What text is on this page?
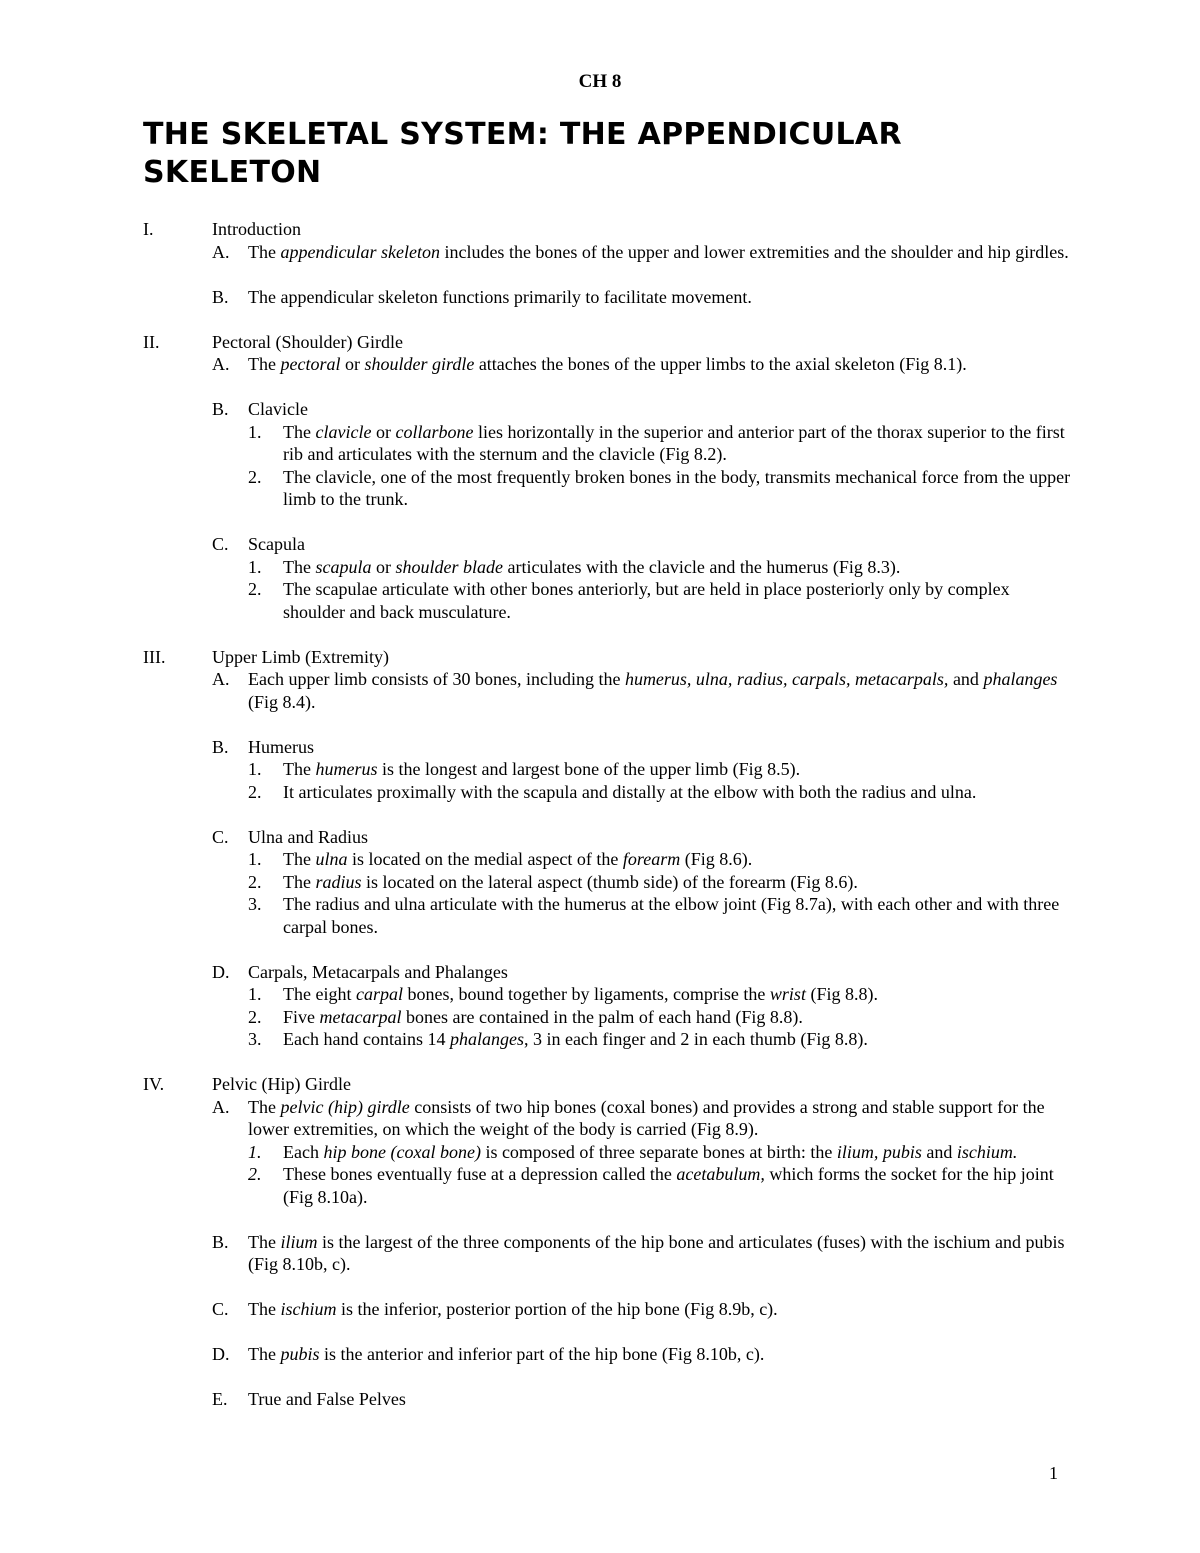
CH 8
THE SKELETAL SYSTEM: THE APPENDICULAR SKELETON
I.	Introduction
A.	The appendicular skeleton includes the bones of the upper and lower extremities and the shoulder and hip girdles.
B.	The appendicular skeleton functions primarily to facilitate movement.
II.	Pectoral (Shoulder) Girdle
A.	The pectoral or shoulder girdle attaches the bones of the upper limbs to the axial skeleton (Fig 8.1).
B.	Clavicle
1.	The clavicle or collarbone lies horizontally in the superior and anterior part of the thorax superior to the first rib and articulates with the sternum and the clavicle (Fig 8.2).
2.	The clavicle, one of the most frequently broken bones in the body, transmits mechanical force from the upper limb to the trunk.
C.	Scapula
1.	The scapula or shoulder blade articulates with the clavicle and the humerus (Fig 8.3).
2.	The scapulae articulate with other bones anteriorly, but are held in place posteriorly only by complex shoulder and back musculature.
III.	Upper Limb (Extremity)
A.	Each upper limb consists of 30 bones, including the humerus, ulna, radius, carpals, metacarpals, and phalanges (Fig 8.4).
B.	Humerus
1.	The humerus is the longest and largest bone of the upper limb (Fig 8.5).
2.	It articulates proximally with the scapula and distally at the elbow with both the radius and ulna.
C.	Ulna and Radius
1.	The ulna is located on the medial aspect of the forearm (Fig 8.6).
2.	The radius is located on the lateral aspect (thumb side) of the forearm (Fig 8.6).
3.	The radius and ulna articulate with the humerus at the elbow joint (Fig 8.7a), with each other and with three carpal bones.
D.	Carpals, Metacarpals and Phalanges
1.	The eight carpal bones, bound together by ligaments, comprise the wrist (Fig 8.8).
2.	Five metacarpal bones are contained in the palm of each hand (Fig 8.8).
3.	Each hand contains 14 phalanges, 3 in each finger and 2 in each thumb (Fig 8.8).
IV.	Pelvic (Hip) Girdle
A.	The pelvic (hip) girdle consists of two hip bones (coxal bones) and provides a strong and stable support for the lower extremities, on which the weight of the body is carried (Fig 8.9).
1.	Each hip bone (coxal bone) is composed of three separate bones at birth: the ilium, pubis and ischium.
2.	These bones eventually fuse at a depression called the acetabulum, which forms the socket for the hip joint (Fig 8.10a).
B.	The ilium is the largest of the three components of the hip bone and articulates (fuses) with the ischium and pubis (Fig 8.10b, c).
C.	The ischium is the inferior, posterior portion of the hip bone (Fig 8.9b, c).
D.	The pubis is the anterior and inferior part of the hip bone (Fig 8.10b, c).
E.	True and False Pelves
1
